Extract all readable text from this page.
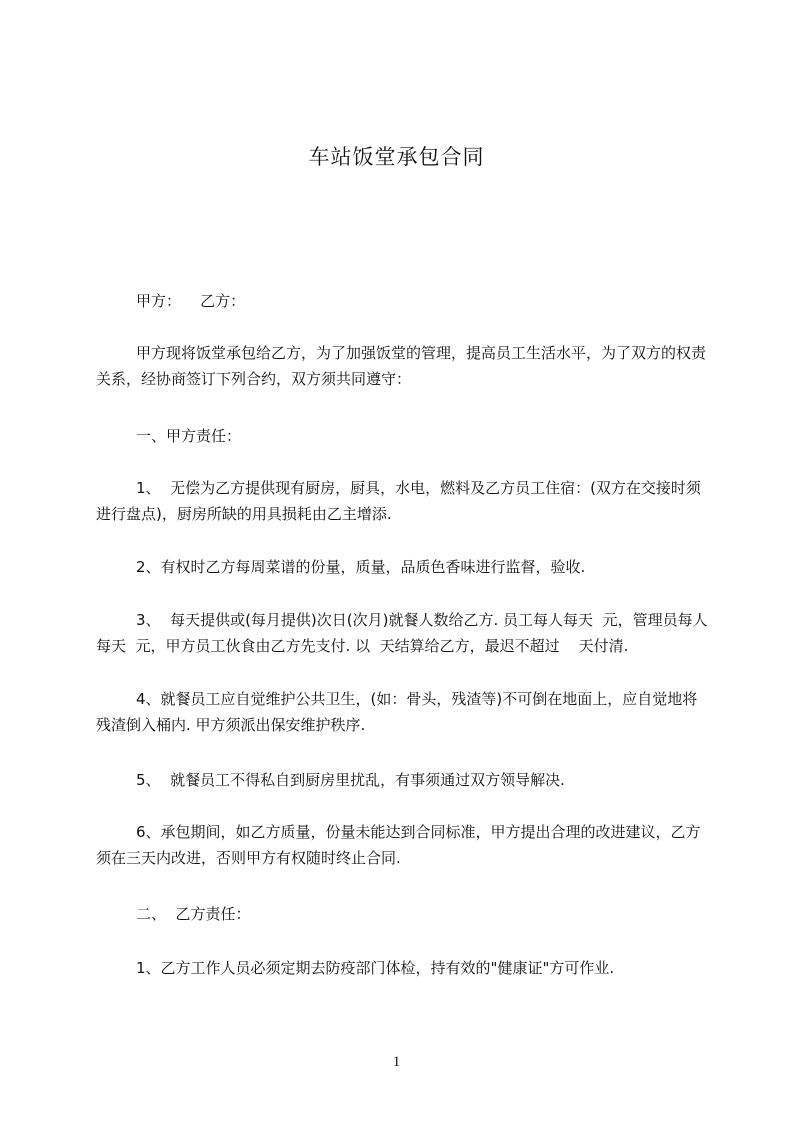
车站饭堂承包合同

甲方：    乙方：

甲方现将饭堂承包给乙方，为了加强饭堂的管理，提高员工生活水平，为了双方的权责关系，经协商签订下列合约，双方须共同遵守：

一、甲方责任：

1、  无偿为乙方提供现有厨房，厨具，水电，燃料及乙方员工住宿：(双方在交接时须进行盘点)，厨房所缺的用具损耗由乙主增添.

2、有权时乙方每周菜谱的份量，质量，品质色香味进行监督，验收.

3、  每天提供或(每月提供)次日(次月)就餐人数给乙方. 员工每人每天  元，管理员每人每天  元，甲方员工伙食由乙方先支付. 以  天结算给乙方，最迟不超过    天付清.

4、就餐员工应自觉维护公共卫生，(如：骨头，残渣等)不可倒在地面上，应自觉地将残渣倒入桶内. 甲方须派出保安维护秩序.

5、  就餐员工不得私自到厨房里扰乱，有事须通过双方领导解决.

6、承包期间，如乙方质量，份量未能达到合同标准，甲方提出合理的改进建议，乙方须在三天内改进，否则甲方有权随时终止合同.

二、  乙方责任：

1、乙方工作人员必须定期去防疫部门体检，持有效的"健康证"方可作业.

1
